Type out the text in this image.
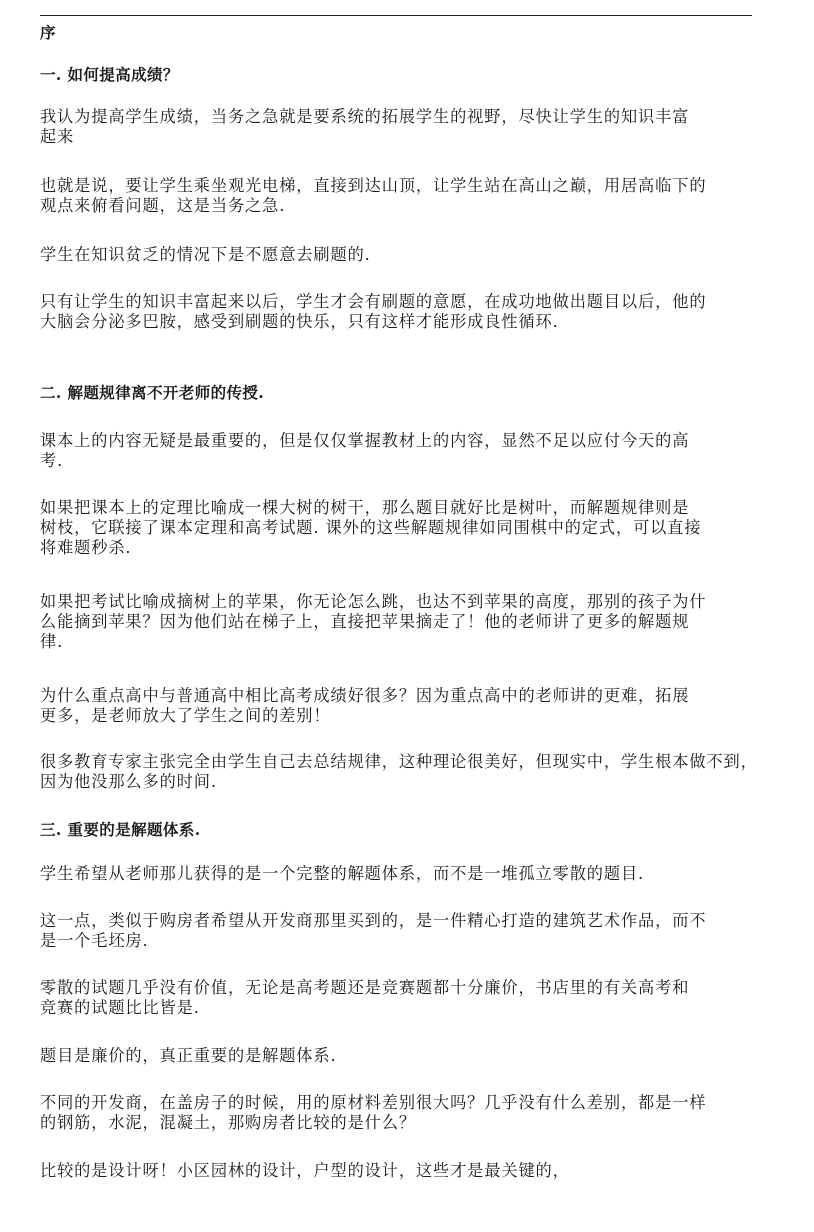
序
一. 如何提高成绩？
我认为提高学生成绩，当务之急就是要系统的拓展学生的视野，尽快让学生的知识丰富
起来
也就是说，要让学生乘坐观光电梯，直接到达山顶，让学生站在高山之巅，用居高临下的
观点来俯看问题，这是当务之急.
学生在知识贫乏的情况下是不愿意去刷题的.
只有让学生的知识丰富起来以后，学生才会有刷题的意愿，在成功地做出题目以后，他的
大脑会分泌多巴胺，感受到刷题的快乐，只有这样才能形成良性循环.
二. 解题规律离不开老师的传授.
课本上的内容无疑是最重要的，但是仅仅掌握教材上的内容，显然不足以应付今天的高
考.
如果把课本上的定理比喻成一棵大树的树干，那么题目就好比是树叶，而解题规律则是
树枝，它联接了课本定理和高考试题. 课外的这些解题规律如同围棋中的定式，可以直接
将难题秒杀.
如果把考试比喻成摘树上的苹果，你无论怎么跳，也达不到苹果的高度，那别的孩子为什
么能摘到苹果？因为他们站在梯子上，直接把苹果摘走了！他的老师讲了更多的解题规
律.
为什么重点高中与普通高中相比高考成绩好很多？因为重点高中的老师讲的更难，拓展
更多，是老师放大了学生之间的差别！
很多教育专家主张完全由学生自己去总结规律，这种理论很美好，但现实中，学生根本做不到，
因为他没那么多的时间.
三. 重要的是解题体系.
学生希望从老师那儿获得的是一个完整的解题体系，而不是一堆孤立零散的题目.
这一点，类似于购房者希望从开发商那里买到的，是一件精心打造的建筑艺术作品，而不
是一个毛坯房.
零散的试题几乎没有价值，无论是高考题还是竞赛题都十分廉价，书店里的有关高考和
竞赛的试题比比皆是.
题目是廉价的，真正重要的是解题体系.
不同的开发商，在盖房子的时候，用的原材料差别很大吗？几乎没有什么差别，都是一样
的钢筋，水泥，混凝土，那购房者比较的是什么？
比较的是设计呀！小区园林的设计，户型的设计，这些才是最关键的，
